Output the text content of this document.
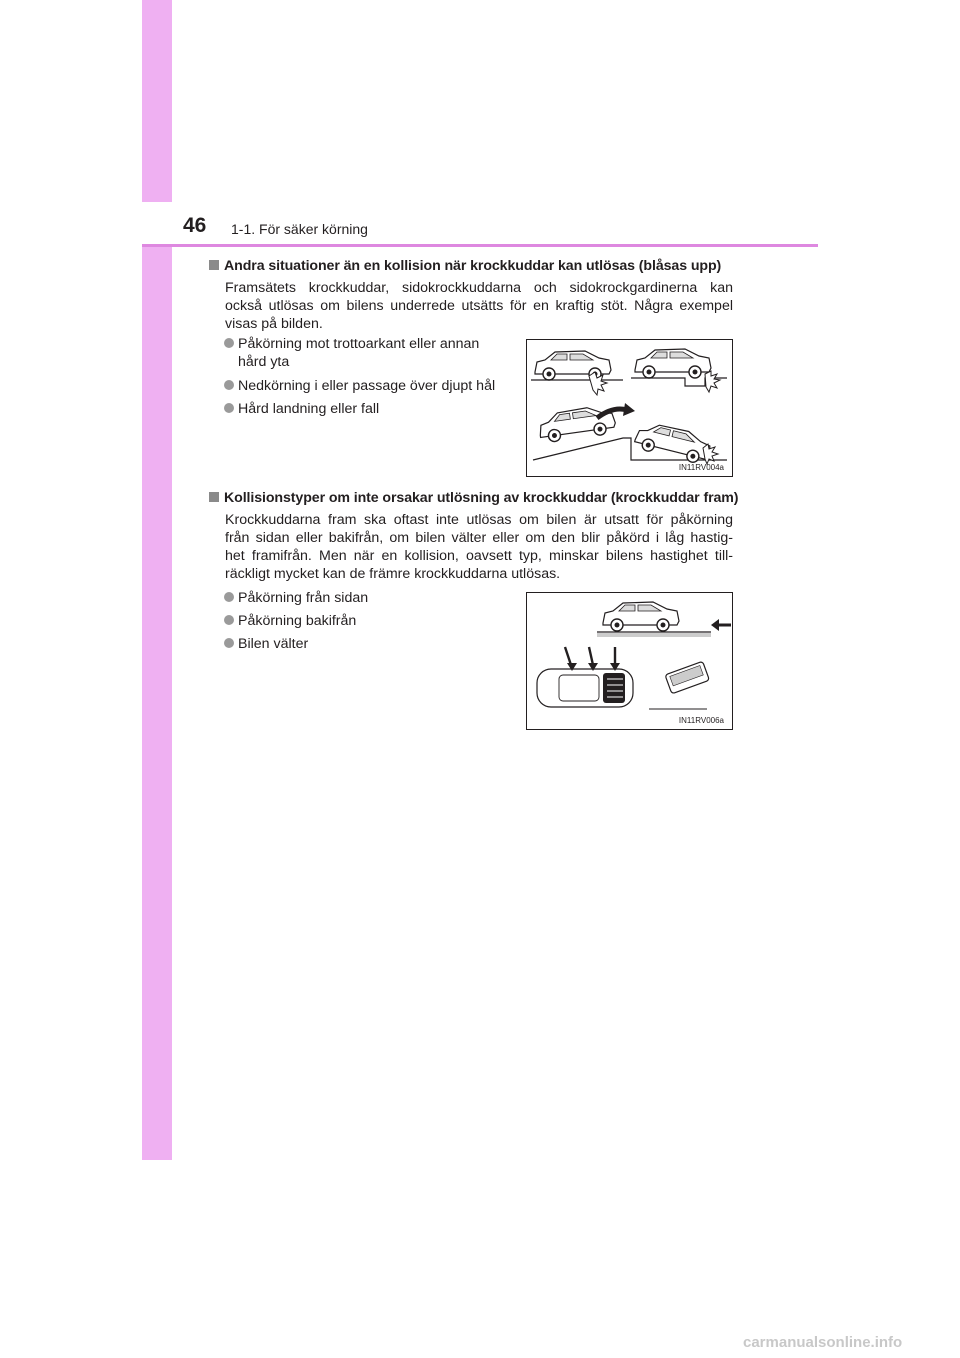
46 1-1. För säker körning
Andra situationer än en kollision när krockkuddar kan utlösas (blåsas upp)
Framsätets krockkuddar, sidokrockkuddarna och sidokrockgardinerna kan
också utlösas om bilens underrede utsätts för en kraftig stöt. Några exempel
visas på bilden.
Påkörning mot trottoarkant eller annan
hård yta
Nedkörning i eller passage över djupt hål
Hård landning eller fall
IN11RV004a
Kollisionstyper om inte orsakar utlösning av krockkuddar (krockkuddar fram)
Krockkuddarna fram ska oftast inte utlösas om bilen är utsatt för påkörning
från sidan eller bakifrån, om bilen välter eller om den blir påkörd i låg hastig-
het framifrån. Men när en kollision, oavsett typ, minskar bilens hastighet till-
räckligt mycket kan de främre krockkuddarna utlösas.
Påkörning från sidan
Påkörning bakifrån
Bilen välter
IN11RV006a
carmanualsonline.info
